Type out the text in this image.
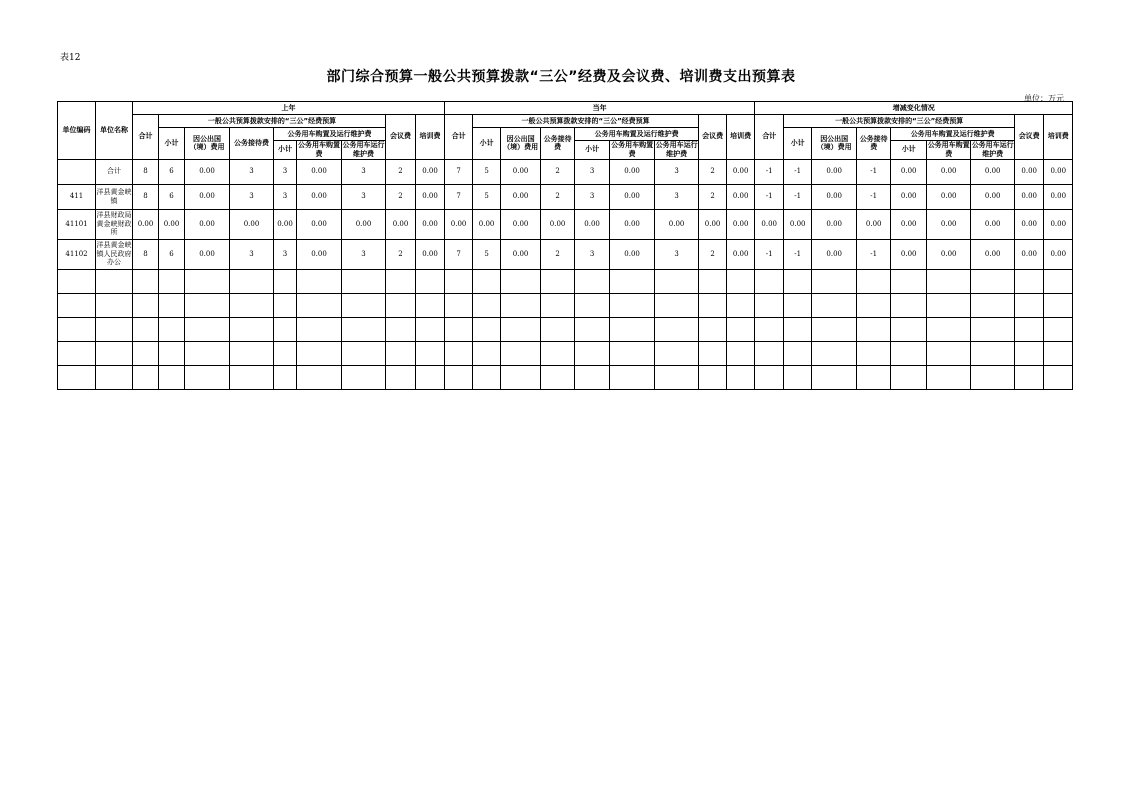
表12
部门综合预算一般公共预算拨款“三公”经费及会议费、培训费支出预算表
单位：万元
单位编码	单位名称	上年									当年									增减变化情况								
		合计	一般公共预算拨款安排的“三公”经费预算						会议费	培训费	合计	一般公共预算拨款安排的“三公”经费预算						会议费	培训费	合计	一般公共预算拨款安排的“三公”经费预算						会议费	培训费
			小计	因公出国（境）费用	公务接待费	公务用车购置及运行维护费						小计	因公出国（境）费用	公务接待费	公务用车购置及运行维护费						小计	因公出国（境）费用	公务接待费	公务用车购置及运行维护费				
						小计	公务用车购置费	公务用车运行维护费							小计	公务用车购置费	公务用车运行维护费							小计	公务用车购置费	公务用车运行维护费		
	合计	8	6	0.00	3	3	0.00	3	2	0.00	7	5	0.00	2	3	0.00	3	2	0.00	-1	-1	0.00	-1	0.00	0.00	0.00	0.00	0.00
411	洋县黄金峡镇	8	6	0.00	3	3	0.00	3	2	0.00	7	5	0.00	2	3	0.00	3	2	0.00	-1	-1	0.00	-1	0.00	0.00	0.00	0.00	0.00
41101	洋县财政局黄金峡财政所	0.00	0.00	0.00	0.00	0.00	0.00	0.00	0.00	0.00	0.00	0.00	0.00	0.00	0.00	0.00	0.00	0.00	0.00	0.00	0.00	0.00	0.00	0.00	0.00	0.00	0.00	0.00
41102	洋县黄金峡镇人民政府办公	8	6	0.00	3	3	0.00	3	2	0.00	7	5	0.00	2	3	0.00	3	2	0.00	-1	-1	0.00	-1	0.00	0.00	0.00	0.00	0.00
